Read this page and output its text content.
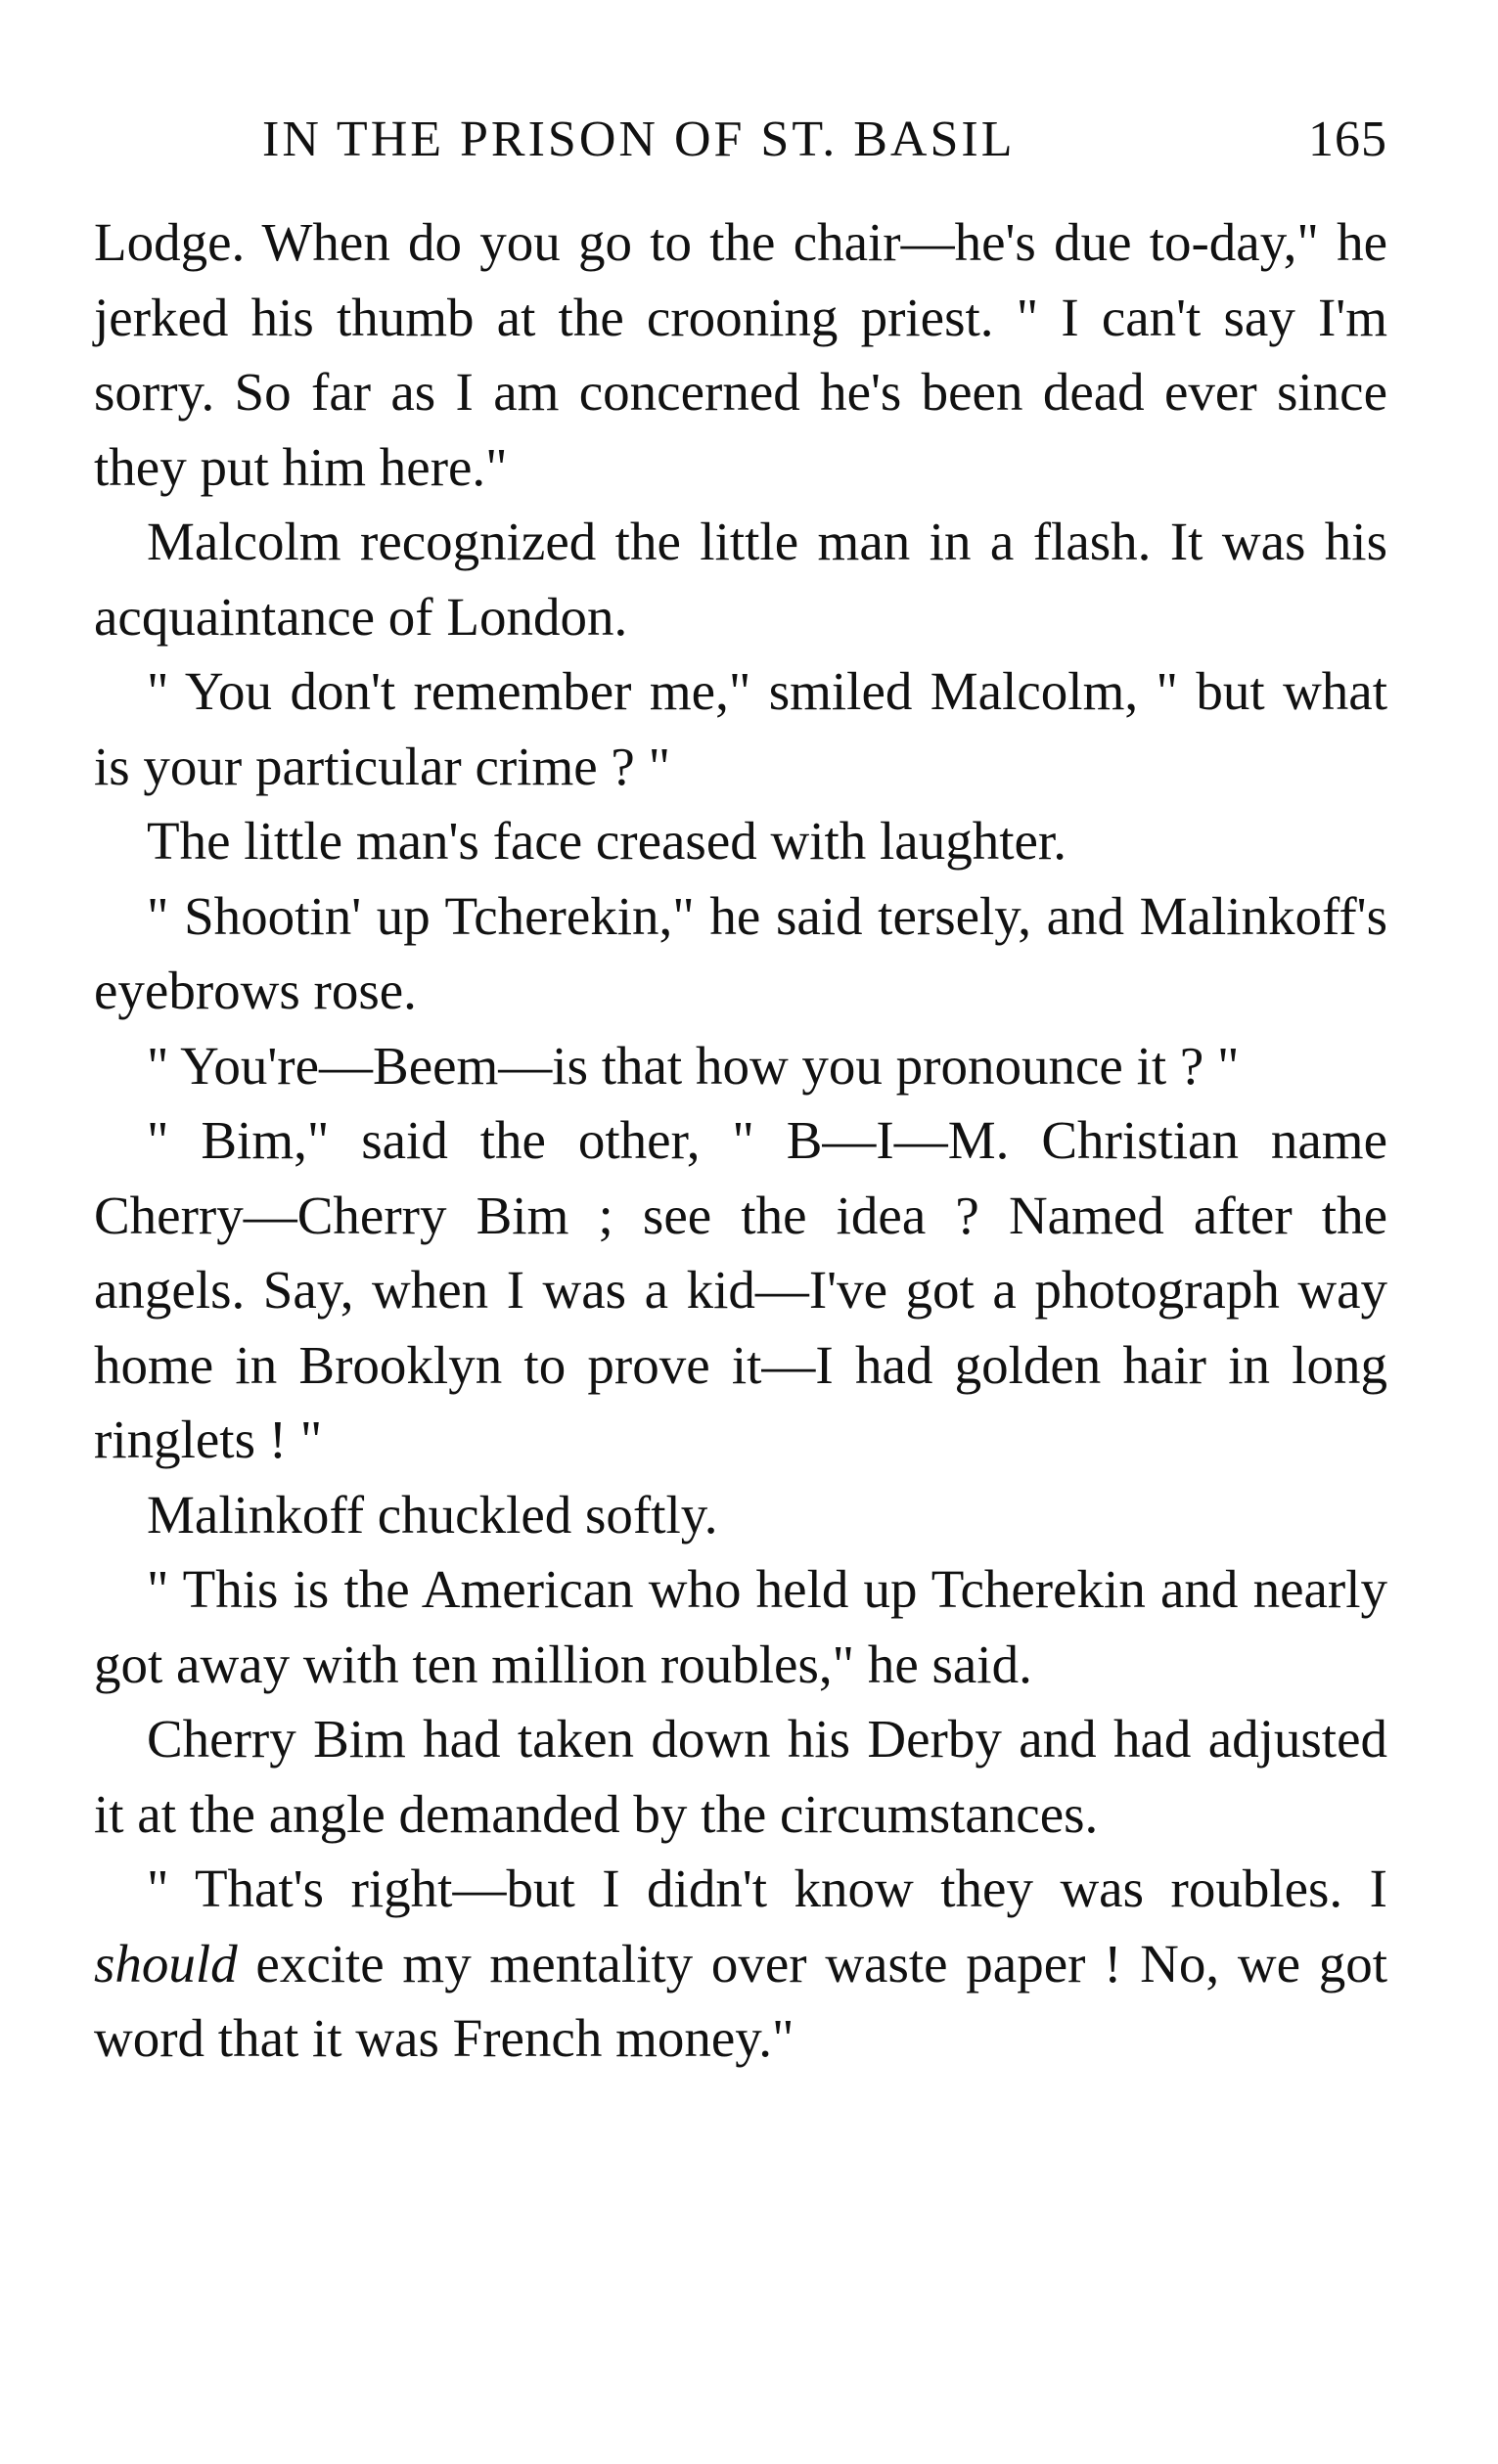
IN THE PRISON OF ST. BASIL	165

Lodge. When do you go to the chair—he's due to-day," he jerked his thumb at the crooning priest. " I can't say I'm sorry. So far as I am concerned he's been dead ever since they put him here."

Malcolm recognized the little man in a flash. It was his acquaintance of London.

" You don't remember me," smiled Malcolm, " but what is your particular crime ? "

The little man's face creased with laughter.

" Shootin' up Tcherekin," he said tersely, and Malinkoff's eyebrows rose.

" You're—Beem—is that how you pronounce it ? "

" Bim," said the other, " B—I—M. Christian name Cherry—Cherry Bim ; see the idea ? Named after the angels. Say, when I was a kid—I've got a photograph way home in Brooklyn to prove it—I had golden hair in long ringlets ! "

Malinkoff chuckled softly.

" This is the American who held up Tcherekin and nearly got away with ten million roubles," he said.

Cherry Bim had taken down his Derby and had adjusted it at the angle demanded by the circumstances.

" That's right—but I didn't know they was roubles. I should excite my mentality over waste paper ! No, we got word that it was French money."
